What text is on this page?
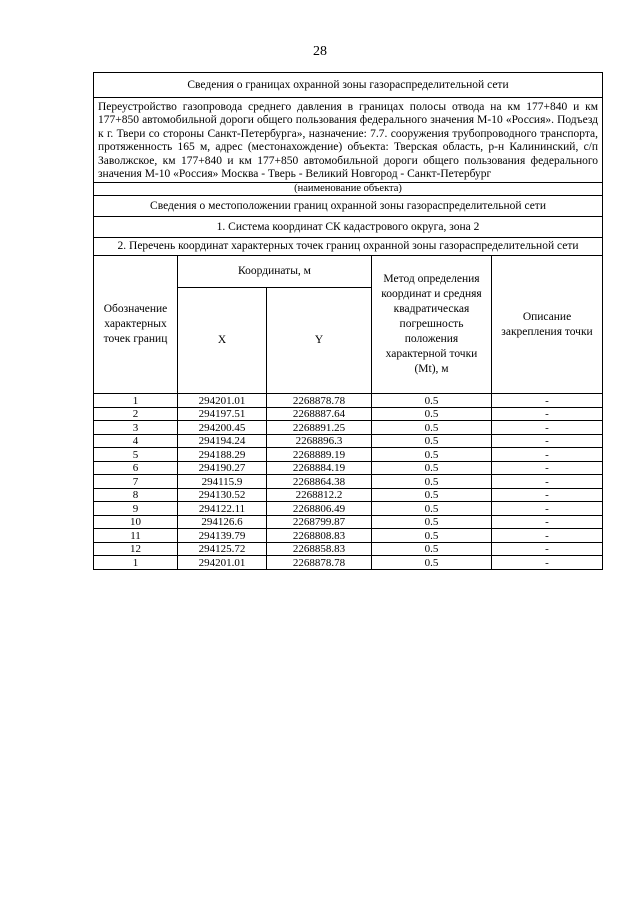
28
Сведения о границах охранной зоны газораспределительной сети				
Переустройство газопровода среднего давления в границах полосы отвода на км 177+840 и км 177+850 автомобильной дороги общего пользования федерального значения М-10 «Россия». Подъезд к г. Твери со стороны Санкт-Петербурга», назначение: 7.7. сооружения трубопроводного транспорта, протяженность 165 м, адрес (местонахождение) объекта: Тверская область, р-н Калининский, с/п Заволжское, км 177+840 и км 177+850 автомобильной дороги общего пользования федерального значения М-10 «Россия» Москва - Тверь - Великий Новгород - Санкт-Петербург				
(наименование объекта)				
Сведения о местоположении границ охранной зоны газораспределительной сети				
1. Система координат СК кадастрового округа, зона 2				
2. Перечень координат характерных точек границ охранной зоны газораспределительной сети				
Обозначение характерных точек границ	Координаты, м		Метод определения координат и средняя квадратическая погрешность положения характерной точки (Mt), м	Описание закрепления точки
	X	Y		
1	294201.01	2268878.78	0.5	-
2	294197.51	2268887.64	0.5	-
3	294200.45	2268891.25	0.5	-
4	294194.24	2268896.3	0.5	-
5	294188.29	2268889.19	0.5	-
6	294190.27	2268884.19	0.5	-
7	294115.9	2268864.38	0.5	-
8	294130.52	2268812.2	0.5	-
9	294122.11	2268806.49	0.5	-
10	294126.6	2268799.87	0.5	-
11	294139.79	2268808.83	0.5	-
12	294125.72	2268858.83	0.5	-
1	294201.01	2268878.78	0.5	-
